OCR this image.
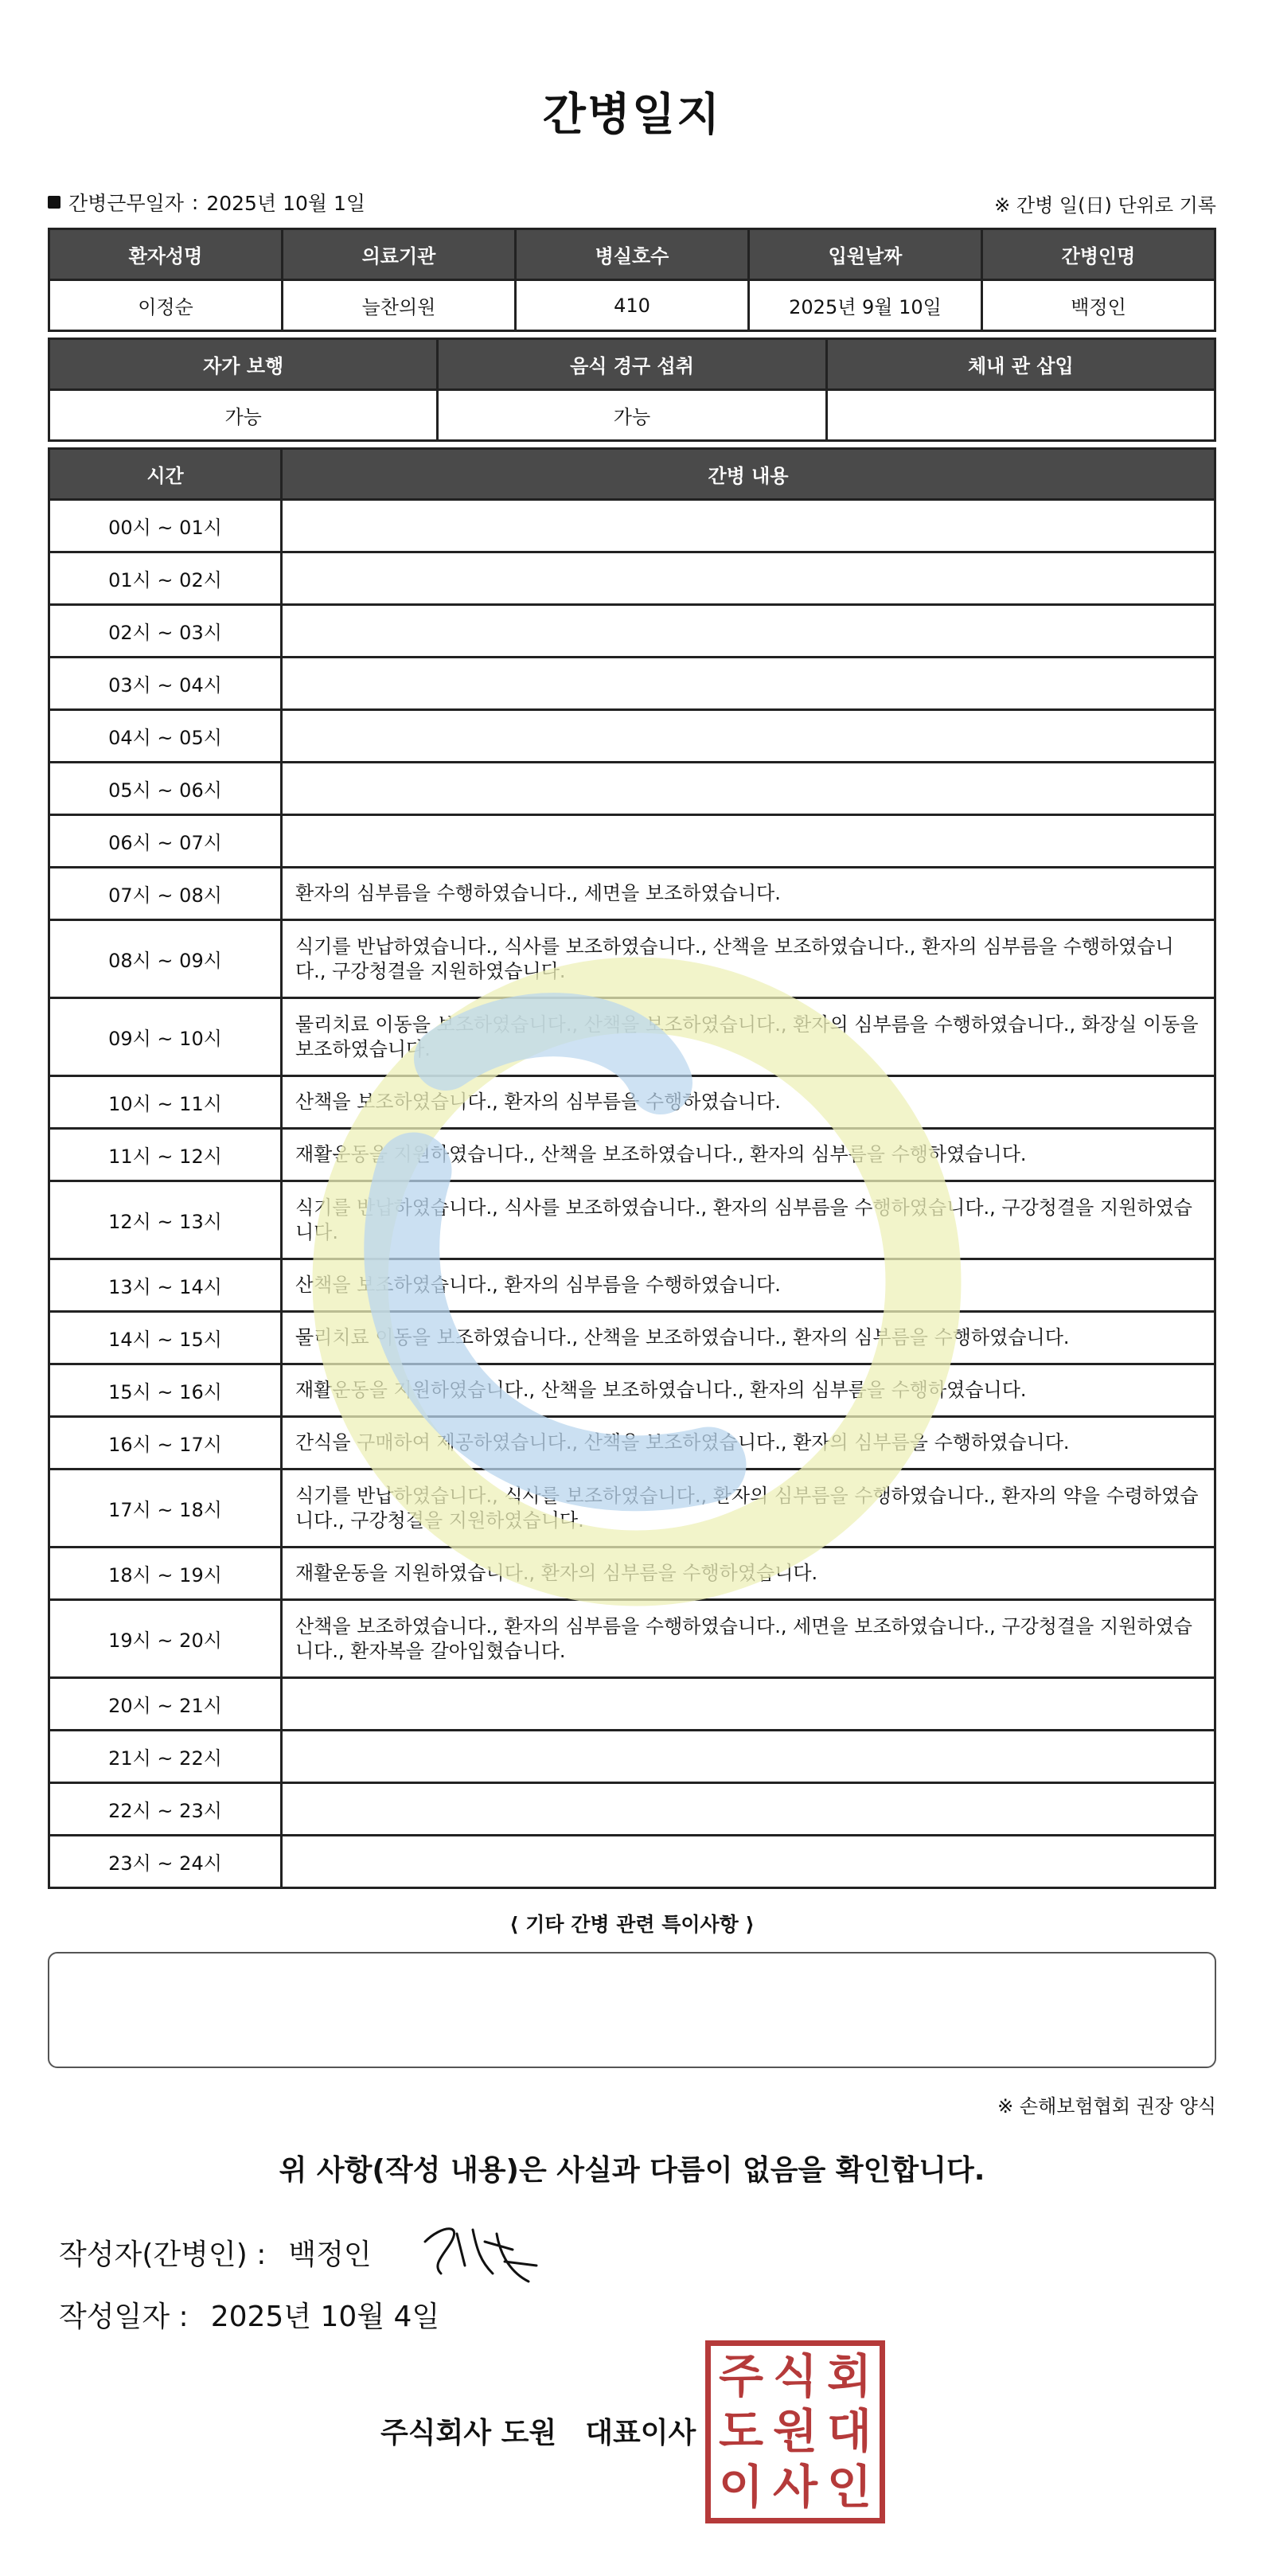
간병일지
간병근무일자 : 2025년 10월 1일	※ 간병 일(日) 단위로 기록
환자성명	의료기관	병실호수	입원날짜	간병인명
이정순	늘찬의원	410	2025년 9월 10일	백정인
자가 보행	음식 경구 섭취	체내 관 삽입
가능	가능	
시간	간병 내용
00시 ~ 01시	
01시 ~ 02시	
02시 ~ 03시	
03시 ~ 04시	
04시 ~ 05시	
05시 ~ 06시	
06시 ~ 07시	
07시 ~ 08시	환자의 심부름을 수행하였습니다., 세면을 보조하였습니다.
08시 ~ 09시	식기를 반납하였습니다., 식사를 보조하였습니다., 산책을 보조하였습니다., 환자의 심부름을 수행하였습니다., 구강청결을 지원하였습니다.
09시 ~ 10시	물리치료 이동을 보조하였습니다., 산책을 보조하였습니다., 환자의 심부름을 수행하였습니다., 화장실 이동을 보조하였습니다.
10시 ~ 11시	산책을 보조하였습니다., 환자의 심부름을 수행하였습니다.
11시 ~ 12시	재활운동을 지원하였습니다., 산책을 보조하였습니다., 환자의 심부름을 수행하였습니다.
12시 ~ 13시	식기를 반납하였습니다., 식사를 보조하였습니다., 환자의 심부름을 수행하였습니다., 구강청결을 지원하였습니다.
13시 ~ 14시	산책을 보조하였습니다., 환자의 심부름을 수행하였습니다.
14시 ~ 15시	물리치료 이동을 보조하였습니다., 산책을 보조하였습니다., 환자의 심부름을 수행하였습니다.
15시 ~ 16시	재활운동을 지원하였습니다., 산책을 보조하였습니다., 환자의 심부름을 수행하였습니다.
16시 ~ 17시	간식을 구매하여 제공하였습니다., 산책을 보조하였습니다., 환자의 심부름을 수행하였습니다.
17시 ~ 18시	식기를 반납하였습니다., 식사를 보조하였습니다., 환자의 심부름을 수행하였습니다., 환자의 약을 수령하였습니다., 구강청결을 지원하였습니다.
18시 ~ 19시	재활운동을 지원하였습니다., 환자의 심부름을 수행하였습니다.
19시 ~ 20시	산책을 보조하였습니다., 환자의 심부름을 수행하였습니다., 세면을 보조하였습니다., 구강청결을 지원하였습니다., 환자복을 갈아입혔습니다.
20시 ~ 21시	
21시 ~ 22시	
22시 ~ 23시	
23시 ~ 24시	
⟨ 기타 간병 관련 특이사항 ⟩
※ 손해보험협회 권장 양식
위 사항(작성 내용)은 사실과 다름이 없음을 확인합니다.
작성자(간병인) : 백정인
작성일자 : 2025년 10월 4일
주식회사 도원 대표이사
주 식 회
도 원 대
이 사 인
